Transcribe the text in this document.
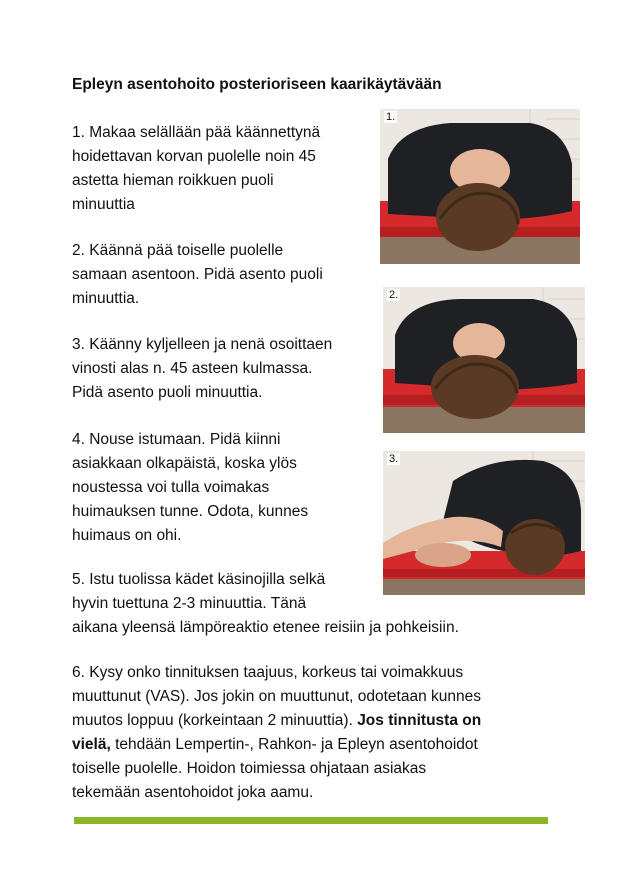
Epleyn asentohoito posterioriseen kaarikäytävään
1. Makaa selällään pää käännettynä
hoidettavan korvan puolelle noin 45
astetta hieman roikkuen puoli
minuuttia
2. Käännä pää toiselle puolelle
samaan asentoon. Pidä asento puoli
minuuttia.
3. Käänny kyljelleen ja nenä osoittaen
vinosti alas n. 45 asteen kulmassa.
Pidä asento puoli minuuttia.
4. Nouse istumaan. Pidä kiinni
asiakkaan olkapäistä, koska ylös
noustessa voi tulla voimakas
huimauksen tunne. Odota, kunnes
huimaus on ohi.
5. Istu tuolissa kädet käsinojilla selkä
hyvin tuettuna 2-3 minuuttia. Tänä
aikana yleensä lämpöreaktio etenee reisiin ja pohkeisiin.
6. Kysy onko tinnituksen taajuus, korkeus tai voimakkuus
muuttunut (VAS). Jos jokin on muuttunut, odotetaan kunnes
muutos loppuu (korkeintaan 2 minuuttia). Jos tinnitusta on
vielä, tehdään Lempertin-, Rahkon- ja Epleyn asentohoidot
toiselle puolelle. Hoidon toimiessa ohjataan asiakas
tekemään asentohoidot joka aamu.
1.
2.
3.
